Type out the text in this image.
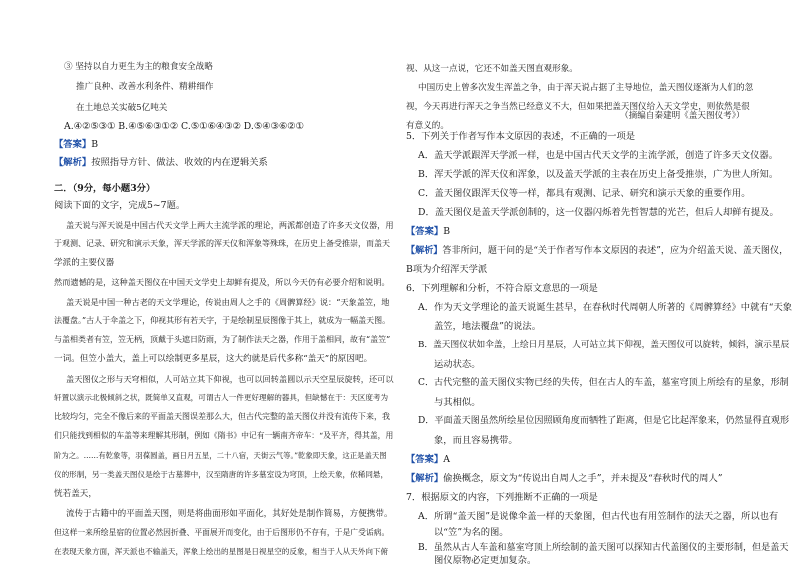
③ 坚持以自力更生为主的粮食安全战略
推广良种、改善水利条件、精耕细作
在土地总关实破5亿吨关
A.④②⑤③① B.④⑤⑥③①② C.⑤①⑥④③② D.⑤④③⑥②①
【答案】B
【解析】按照指导方针、做法、收效的内在逻辑关系
二．（9分，每小题3分）
阅读下面的文字，完成5~7题。
盖天说与浑天说是中国古代天文学上两大主流学派的理论，两派都创造了许多天文仪器，用
于观测、记录、研究和演示天象，浑天学派的浑天仪和浑象等殊珠，在历史上备受推崇，而盖天
学派的主要仪器
然而遗憾的是，这种盖天图仪在中国天文学史上却鲜有提及，所以今天仍有必要介绍和说明。
盖天说是中国一种古老的天文学理论，传说由周人之手的《周髀算经》说：“天象盖笠，地
法覆盘。”古人于伞盖之下，仰视其形有若天字，于是绘制星辰图像于其上，就成为一幅盖天图。
与盖相类者有笠，笠无柄，顶戴于头遮日防雨，为了制作法天之器，作用于盖相同，故有“盖笠”
一词。但笠小盖大，盖上可以绘制更多星辰，这大约就是后代多称“盖天”的原因吧。
盖天图仪之形与天穹相似，人可站立其下仰视，也可以回转盖圆以示天空星辰旋转，还可以
轩置以演示北极倾斜之状，既简单又直观，可谓古人一件更好理解的器具，但缺憾在于：天区度考为
比较均匀，完全不像后来的平面盖天图误差那么大，但古代完整的盖天图仪并没有流传下来，我
们只能找到相似的车盖等来理解其形制，例如《隋书》中记有一辆南齐帝车：“及平齐，得其盖，用
阶为之。……有乾象等，羽葆圆盖，画日月五星，二十八宿，天街云气等。”乾象即天象，这正是盖天图
仪的形制，另一类盖天图仪是绘于古墓葬中，汉至隋唐的许多墓室设为穹顶，上绘天象，依稀同悬，
恍若盖天，
流传于古籍中的平面盖天图，则是将曲面形如平面化，其好处是制作简易，方便携带。
但这样一来所绘星宿的位置必然因折叠、平面展开而变化，由于后图形仍不存有，于是广受诟病。
在表现天象方面，浑天派也不输盖天，浑象上绘出的星图是日视星空的反象，相当于人从天外向下俯
视、从这一点说，它还不如盖天图直观形象。
中国历史上曾多次发生浑盖之争，由于浑天说占据了主导地位，盖天图仪逐渐为人们的忽
视，今天再进行浑天之争当然已经意义不大，但如果把盖天图仪给入天文学史，则依然是很
有意义的。
（摘编自秦建明《盖天图仪考》）
5．下列关于作者写作本文原因的表述，不正确的一项是
A．盖天学派跟浑天学派一样，也是中国古代天文学的主流学派，创造了许多天文仪器。
B．浑天学派的浑天仪和浑象，以及盖天学派的主表在历史上备受推崇，广为世人所知。
C．盖天图仪跟浑天仪等一样，都具有观测、记录、研究和演示天象的重要作用。
D．盖天图仪是盖天学派创制的，这一仪器闪烁着先哲智慧的光芒，但后人却鲜有提及。
【答案】B
【解析】答非所问，题干问的是“关于作者写作本文原因的表述”，应为介绍盖天说、盖天图仪，
B项为介绍浑天学派
6．下列理解和分析，不符合原文意思的一项是
A．作为天文学理论的盖天说诞生甚早，在春秋时代周朝人所著的《周髀算经》中就有“天象
盖笠，地法覆盘”的说法。
B．盖天图仪状如伞盖，上绘日月星辰，人可站立其下仰视，盖天图仪可以旋转，倾斜，演示星辰
运动状态。
C．古代完整的盖天图仪实物已经的失传，但在古人的车盖，墓室穹顶上所绘有的星象，形制
与其相似。
D．平面盖天图虽然所绘星位因照顾角度而牺牲了距离，但是它比起浑象来，仍然显得直观形
象，而且容易携带。
【答案】A
【解析】偷换概念，原文为“传说出自周人之手”，并未提及“春秋时代的周人”
7．根据原文的内容，下列推断不正确的一项是
A．所谓“盖天图”是说像伞盖一样的天象图，但古代也有用笠制作的法天之器，所以也有
以“笠”为名的图。
B．虽然从古人车盖和墓室穹顶上所绘制的盖天图可以探知古代盖图仪的主要形制，但是盖天
图仪原物必定更加复杂。
